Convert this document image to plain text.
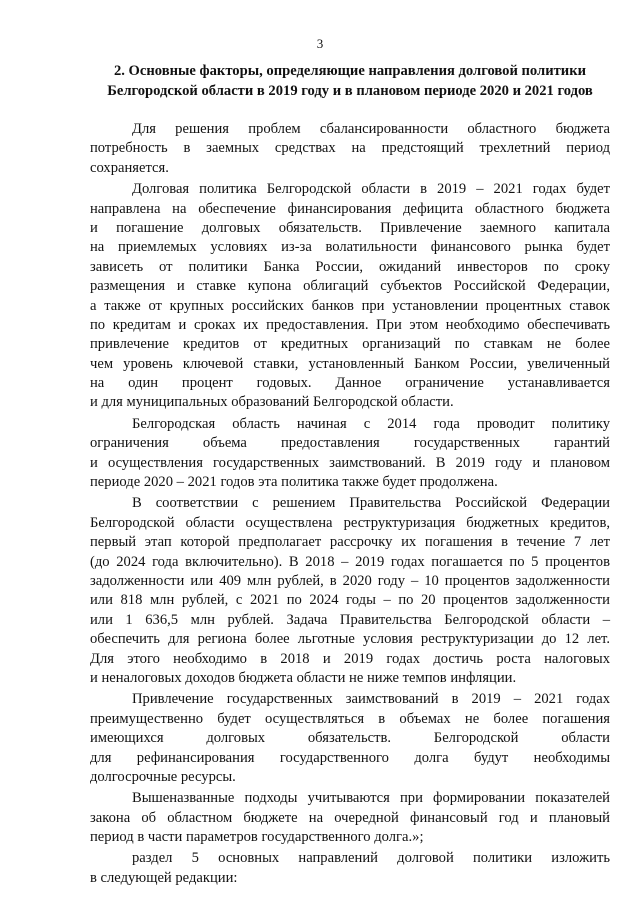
3
2. Основные факторы, определяющие направления долговой политики
Белгородской области в 2019 году и в плановом периоде 2020 и 2021 годов
Для решения проблем сбалансированности областного бюджета
потребность в заемных средствах на предстоящий трехлетний период
сохраняется.
Долговая политика Белгородской области в 2019 – 2021 годах будет
направлена на обеспечение финансирования дефицита областного бюджета
и погашение долговых обязательств. Привлечение заемного капитала
на приемлемых условиях из-за волатильности финансового рынка будет
зависеть от политики Банка России, ожиданий инвесторов по сроку
размещения и ставке купона облигаций субъектов Российской Федерации,
а также от крупных российских банков при установлении процентных ставок
по кредитам и сроках их предоставления. При этом необходимо обеспечивать
привлечение кредитов от кредитных организаций по ставкам не более
чем уровень ключевой ставки, установленный Банком России, увеличенный
на один процент годовых. Данное ограничение устанавливается
и для муниципальных образований Белгородской области.
Белгородская область начиная с 2014 года проводит политику
ограничения объема предоставления государственных гарантий
и осуществления государственных заимствований. В 2019 году и плановом
периоде 2020 – 2021 годов эта политика также будет продолжена.
В соответствии с решением Правительства Российской Федерации
Белгородской области осуществлена реструктуризация бюджетных кредитов,
первый этап которой предполагает рассрочку их погашения в течение 7 лет
(до 2024 года включительно). В 2018 – 2019 годах погашается по 5 процентов
задолженности или 409 млн рублей, в 2020 году – 10 процентов задолженности
или 818 млн рублей, с 2021 по 2024 годы – по 20 процентов задолженности
или 1 636,5 млн рублей. Задача Правительства Белгородской области –
обеспечить для региона более льготные условия реструктуризации до 12 лет.
Для этого необходимо в 2018 и 2019 годах достичь роста налоговых
и неналоговых доходов бюджета области не ниже темпов инфляции.
Привлечение государственных заимствований в 2019 – 2021 годах
преимущественно будет осуществляться в объемах не более погашения
имеющихся долговых обязательств. Белгородской области
для рефинансирования государственного долга будут необходимы
долгосрочные ресурсы.
Вышеназванные подходы учитываются при формировании показателей
закона об областном бюджете на очередной финансовый год и плановый
период в части параметров государственного долга.»;
раздел 5 основных направлений долговой политики изложить
в следующей редакции:
